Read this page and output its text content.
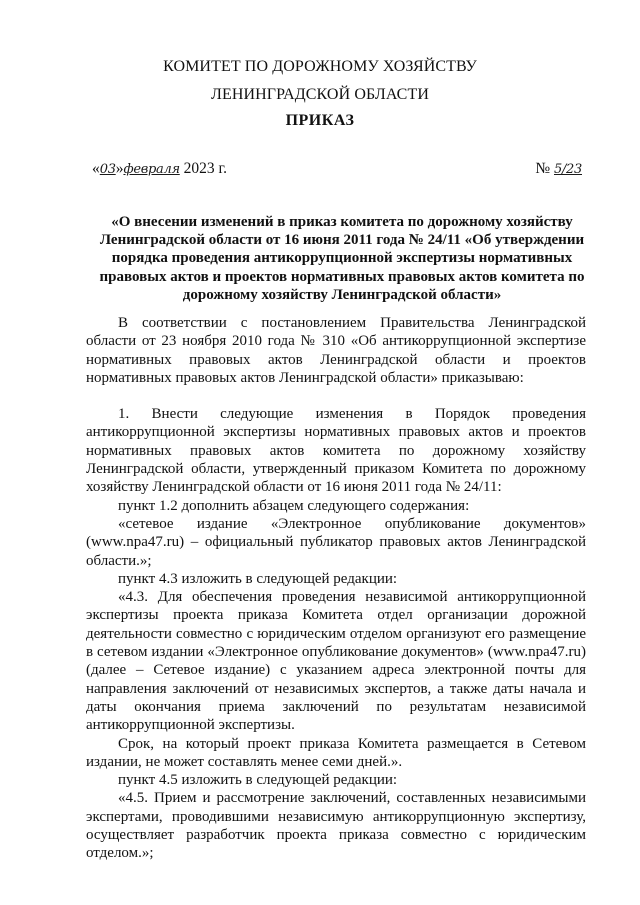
КОМИТЕТ ПО ДОРОЖНОМУ ХОЗЯЙСТВУ
ЛЕНИНГРАДСКОЙ ОБЛАСТИ
ПРИКАЗ
«03»февраля 2023 г.	№ 5/23
«О внесении изменений в приказ комитета по дорожному хозяйству Ленинградской области от 16 июня 2011 года № 24/11 «Об утверждении порядка проведения антикоррупционной экспертизы нормативных правовых актов и проектов нормативных правовых актов комитета по дорожному хозяйству Ленинградской области»

В соответствии с постановлением Правительства Ленинградской области от 23 ноября 2010 года № 310 «Об антикоррупционной экспертизе нормативных правовых актов Ленинградской области и проектов нормативных правовых актов Ленинградской области» приказываю:

1. Внести следующие изменения в Порядок проведения антикоррупционной экспертизы нормативных правовых актов и проектов нормативных правовых актов комитета по дорожному хозяйству Ленинградской области, утвержденный приказом Комитета по дорожному хозяйству Ленинградской области от 16 июня 2011 года № 24/11:

пункт 1.2 дополнить абзацем следующего содержания:

«сетевое издание «Электронное опубликование документов» (www.npa47.ru) – официальный публикатор правовых актов Ленинградской области.»;

пункт 4.3 изложить в следующей редакции:

«4.3. Для обеспечения проведения независимой антикоррупционной экспертизы проекта приказа Комитета отдел организации дорожной деятельности совместно с юридическим отделом организуют его размещение в сетевом издании «Электронное опубликование документов» (www.npa47.ru) (далее – Сетевое издание) с указанием адреса электронной почты для направления заключений от независимых экспертов, а также даты начала и даты окончания приема заключений по результатам независимой антикоррупционной экспертизы.

Срок, на который проект приказа Комитета размещается в Сетевом издании, не может составлять менее семи дней.».

пункт 4.5 изложить в следующей редакции:

«4.5. Прием и рассмотрение заключений, составленных независимыми экспертами, проводившими независимую антикоррупционную экспертизу, осуществляет разработчик проекта приказа совместно с юридическим отделом.»;
